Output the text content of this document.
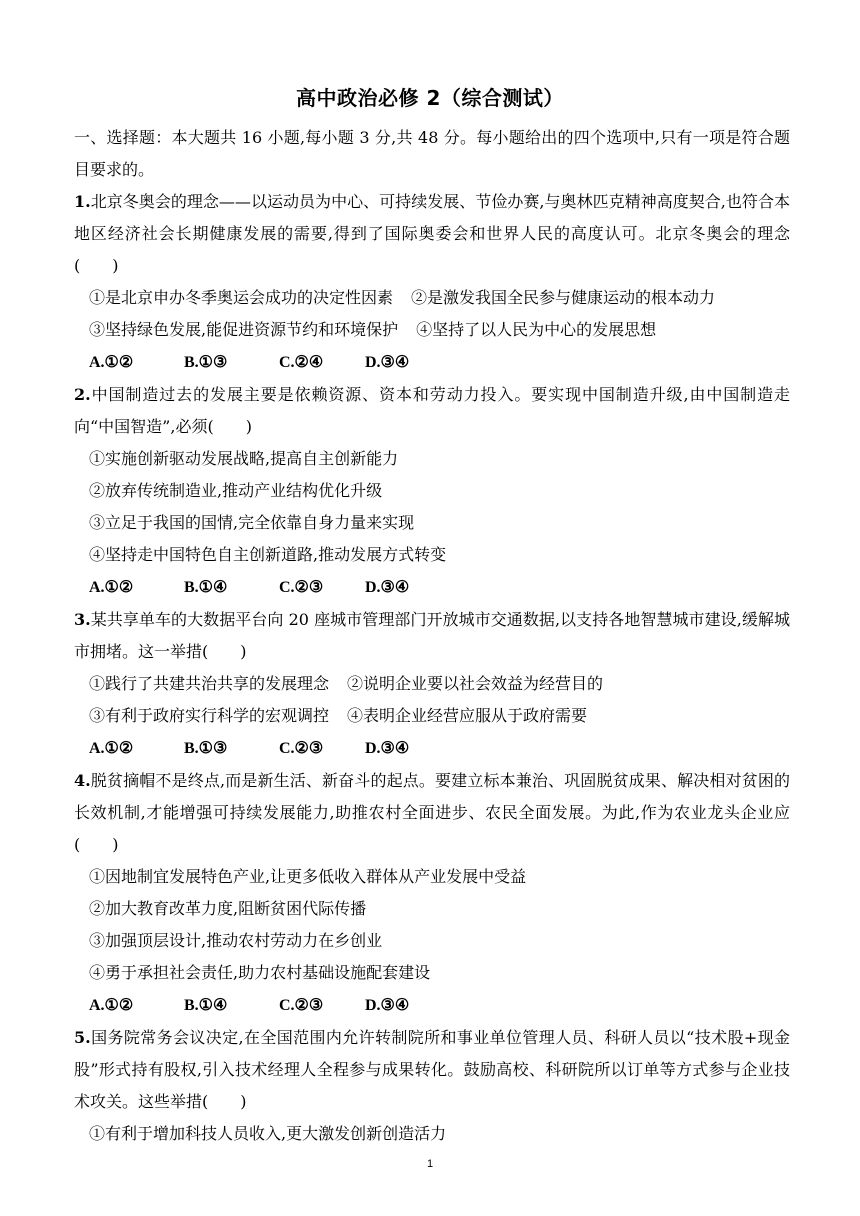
高中政治必修 2（综合测试）

一、选择题：本大题共 16 小题,每小题 3 分,共 48 分。每小题给出的四个选项中,只有一项是符合题目要求的。

1.北京冬奥会的理念——以运动员为中心、可持续发展、节俭办赛,与奥林匹克精神高度契合,也符合本地区经济社会长期健康发展的需要,得到了国际奥委会和世界人民的高度认可。北京冬奥会的理念(　　)

①是北京申办冬季奥运会成功的决定性因素 ②是激发我国全民参与健康运动的根本动力

③坚持绿色发展,能促进资源节约和环境保护 ④坚持了以人民为中心的发展思想

A.①②	B.①③	C.②④	D.③④

2.中国制造过去的发展主要是依赖资源、资本和劳动力投入。要实现中国制造升级,由中国制造走向“中国智造”,必须(　　)

①实施创新驱动发展战略,提高自主创新能力

②放弃传统制造业,推动产业结构优化升级

③立足于我国的国情,完全依靠自身力量来实现

④坚持走中国特色自主创新道路,推动发展方式转变

A.①②	B.①④	C.②③	D.③④

3.某共享单车的大数据平台向 20 座城市管理部门开放城市交通数据,以支持各地智慧城市建设,缓解城市拥堵。这一举措(　　)

①践行了共建共治共享的发展理念 ②说明企业要以社会效益为经营目的

③有利于政府实行科学的宏观调控 ④表明企业经营应服从于政府需要

A.①②	B.①③	C.②③	D.③④

4.脱贫摘帽不是终点,而是新生活、新奋斗的起点。要建立标本兼治、巩固脱贫成果、解决相对贫困的长效机制,才能增强可持续发展能力,助推农村全面进步、农民全面发展。为此,作为农业龙头企业应(　　)

①因地制宜发展特色产业,让更多低收入群体从产业发展中受益

②加大教育改革力度,阻断贫困代际传播

③加强顶层设计,推动农村劳动力在乡创业

④勇于承担社会责任,助力农村基础设施配套建设

A.①②	B.①④	C.②③	D.③④

5.国务院常务会议决定,在全国范围内允许转制院所和事业单位管理人员、科研人员以“技术股+现金股”形式持有股权,引入技术经理人全程参与成果转化。鼓励高校、科研院所以订单等方式参与企业技术攻关。这些举措(　　)

①有利于增加科技人员收入,更大激发创新创造活力

1
